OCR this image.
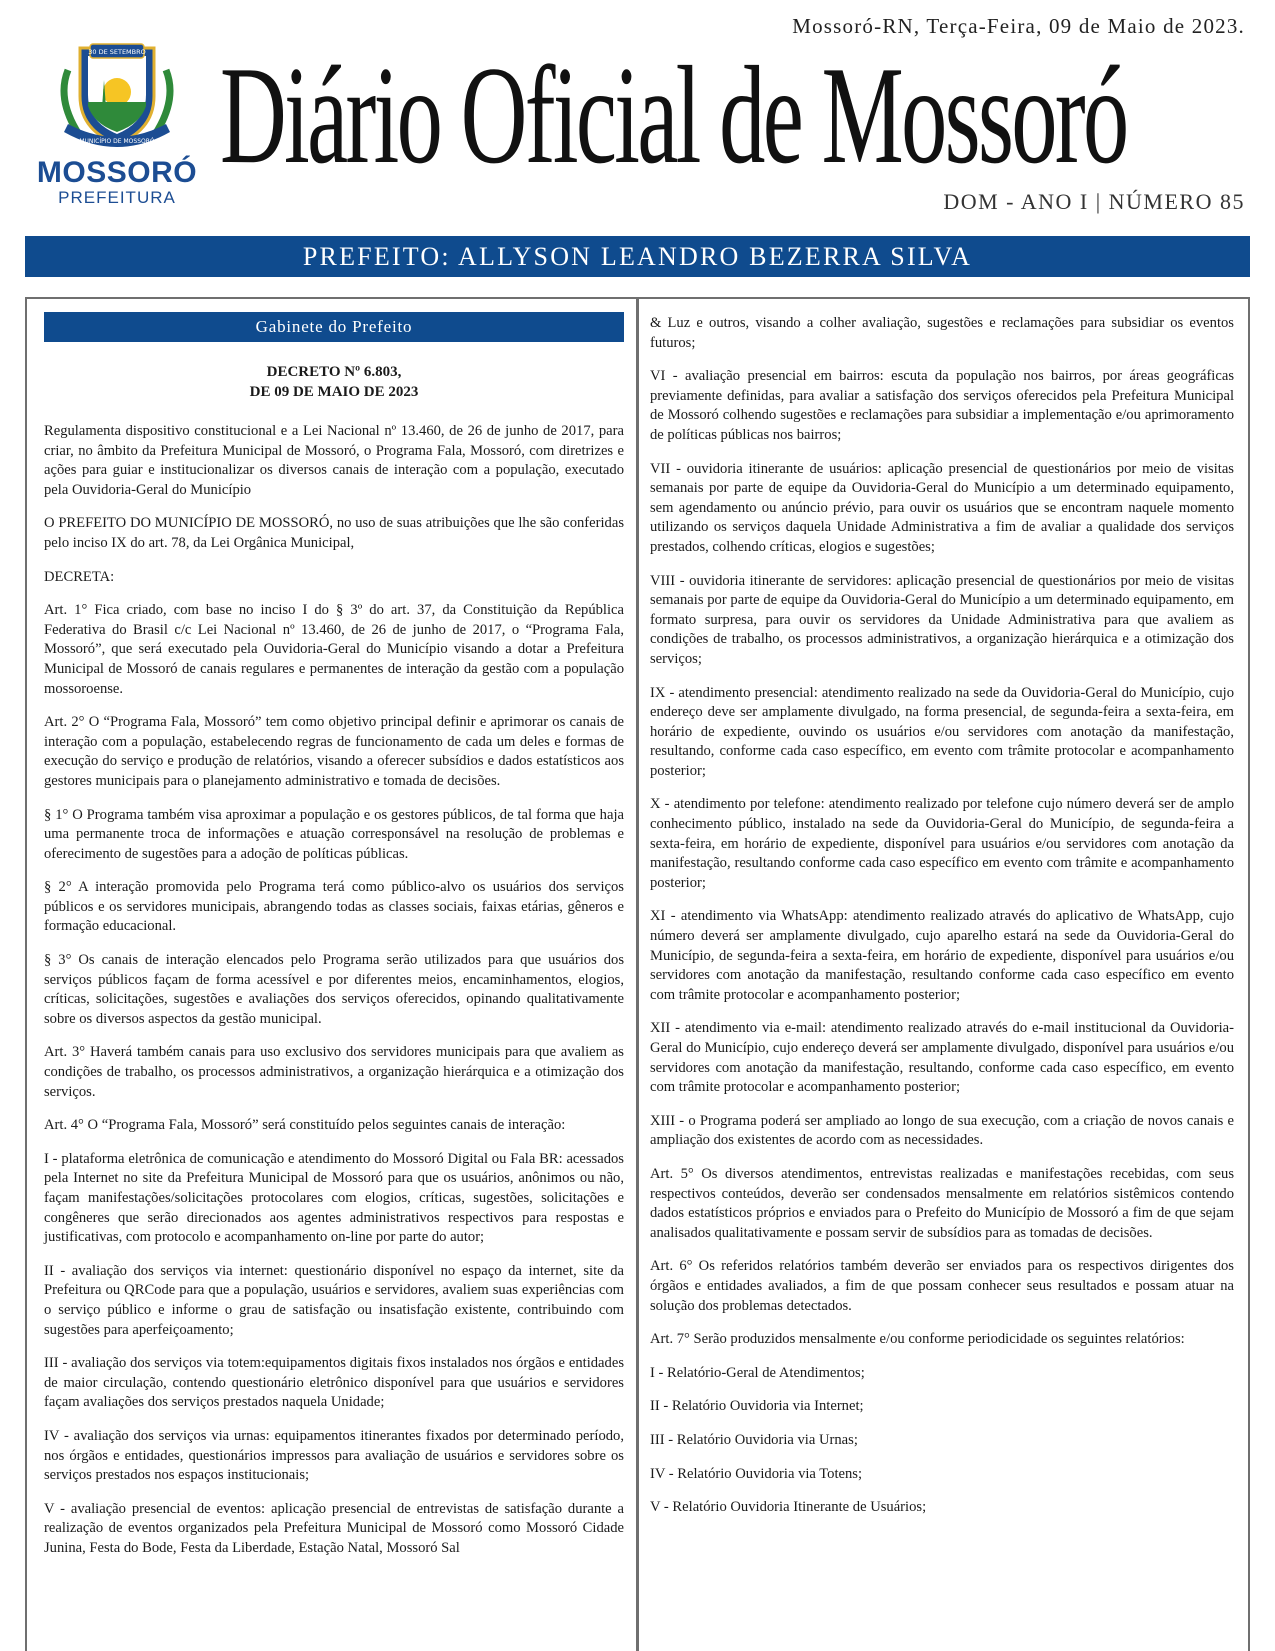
Mossoró-RN, Terça-Feira, 09 de Maio de 2023.
30 DE SETEMBRO
MUNICÍPIO DE MOSSORÓ
MOSSORÓ
PREFEITURA
Diário Oficial de Mossoró
DOM - ANO I | NÚMERO 85
PREFEITO: ALLYSON LEANDRO BEZERRA SILVA
Gabinete do Prefeito
DECRETO Nº 6.803,
DE 09 DE MAIO DE 2023

Regulamenta dispositivo constitucional e a Lei Nacional nº 13.460, de 26 de junho de 2017, para criar, no âmbito da Prefeitura Municipal de Mossoró, o Programa Fala, Mossoró, com diretrizes e ações para guiar e institucionalizar os diversos canais de interação com a população, executado pela Ouvidoria-Geral do Município

O PREFEITO DO MUNICÍPIO DE MOSSORÓ, no uso de suas atribuições que lhe são conferidas pelo inciso IX do art. 78, da Lei Orgânica Municipal,

DECRETA:

Art. 1° Fica criado, com base no inciso I do § 3º do art. 37, da Constituição da República Federativa do Brasil c/c Lei Nacional nº 13.460, de 26 de junho de 2017, o “Programa Fala, Mossoró”, que será executado pela Ouvidoria-Geral do Município visando a dotar a Prefeitura Municipal de Mossoró de canais regulares e permanentes de interação da gestão com a população mossoroense.

Art. 2° O “Programa Fala, Mossoró” tem como objetivo principal definir e aprimorar os canais de interação com a população, estabelecendo regras de funcionamento de cada um deles e formas de execução do serviço e produção de relatórios, visando a oferecer subsídios e dados estatísticos aos gestores municipais para o planejamento administrativo e tomada de decisões.

§ 1° O Programa também visa aproximar a população e os gestores públicos, de tal forma que haja uma permanente troca de informações e atuação corresponsável na resolução de problemas e oferecimento de sugestões para a adoção de políticas públicas.

§ 2° A interação promovida pelo Programa terá como público-alvo os usuários dos serviços públicos e os servidores municipais, abrangendo todas as classes sociais, faixas etárias, gêneros e formação educacional.

§ 3° Os canais de interação elencados pelo Programa serão utilizados para que usuários dos serviços públicos façam de forma acessível e por diferentes meios, encaminhamentos, elogios, críticas, solicitações, sugestões e avaliações dos serviços oferecidos, opinando qualitativamente sobre os diversos aspectos da gestão municipal.

Art. 3° Haverá também canais para uso exclusivo dos servidores municipais para que avaliem as condições de trabalho, os processos administrativos, a organização hierárquica e a otimização dos serviços.

Art. 4° O “Programa Fala, Mossoró” será constituído pelos seguintes canais de interação:

I - plataforma eletrônica de comunicação e atendimento do Mossoró Digital ou Fala BR: acessados pela Internet no site da Prefeitura Municipal de Mossoró para que os usuários, anônimos ou não, façam manifestações/solicitações protocolares com elogios, críticas, sugestões, solicitações e congêneres que serão direcionados aos agentes administrativos respectivos para respostas e justificativas, com protocolo e acompanhamento on-line por parte do autor;

II - avaliação dos serviços via internet: questionário disponível no espaço da internet, site da Prefeitura ou QRCode para que a população, usuários e servidores, avaliem suas experiências com o serviço público e informe o grau de satisfação ou insatisfação existente, contribuindo com sugestões para aperfeiçoamento;

III - avaliação dos serviços via totem:equipamentos digitais fixos instalados nos órgãos e entidades de maior circulação, contendo questionário eletrônico disponível para que usuários e servidores façam avaliações dos serviços prestados naquela Unidade;

IV - avaliação dos serviços via urnas: equipamentos itinerantes fixados por determinado período, nos órgãos e entidades, questionários impressos para avaliação de usuários e servidores sobre os serviços prestados nos espaços institucionais;

V - avaliação presencial de eventos: aplicação presencial de entrevistas de satisfação durante a realização de eventos organizados pela Prefeitura Municipal de Mossoró como Mossoró Cidade Junina, Festa do Bode, Festa da Liberdade, Estação Natal, Mossoró Sal

& Luz e outros, visando a colher avaliação, sugestões e reclamações para subsidiar os eventos futuros;

VI - avaliação presencial em bairros: escuta da população nos bairros, por áreas geográficas previamente definidas, para avaliar a satisfação dos serviços oferecidos pela Prefeitura Municipal de Mossoró colhendo sugestões e reclamações para subsidiar a implementação e/ou aprimoramento de políticas públicas nos bairros;

VII - ouvidoria itinerante de usuários: aplicação presencial de questionários por meio de visitas semanais por parte de equipe da Ouvidoria-Geral do Município a um determinado equipamento, sem agendamento ou anúncio prévio, para ouvir os usuários que se encontram naquele momento utilizando os serviços daquela Unidade Administrativa a fim de avaliar a qualidade dos serviços prestados, colhendo críticas, elogios e sugestões;

VIII - ouvidoria itinerante de servidores: aplicação presencial de questionários por meio de visitas semanais por parte de equipe da Ouvidoria-Geral do Município a um determinado equipamento, em formato surpresa, para ouvir os servidores da Unidade Administrativa para que avaliem as condições de trabalho, os processos administrativos, a organização hierárquica e a otimização dos serviços;

IX - atendimento presencial: atendimento realizado na sede da Ouvidoria-Geral do Município, cujo endereço deve ser amplamente divulgado, na forma presencial, de segunda-feira a sexta-feira, em horário de expediente, ouvindo os usuários e/ou servidores com anotação da manifestação, resultando, conforme cada caso específico, em evento com trâmite protocolar e acompanhamento posterior;

X - atendimento por telefone: atendimento realizado por telefone cujo número deverá ser de amplo conhecimento público, instalado na sede da Ouvidoria-Geral do Município, de segunda-feira a sexta-feira, em horário de expediente, disponível para usuários e/ou servidores com anotação da manifestação, resultando conforme cada caso específico em evento com trâmite e acompanhamento posterior;

XI - atendimento via WhatsApp: atendimento realizado através do aplicativo de WhatsApp, cujo número deverá ser amplamente divulgado, cujo aparelho estará na sede da Ouvidoria-Geral do Município, de segunda-feira a sexta-feira, em horário de expediente, disponível para usuários e/ou servidores com anotação da manifestação, resultando conforme cada caso específico em evento com trâmite protocolar e acompanhamento posterior;

XII - atendimento via e-mail: atendimento realizado através do e-mail institucional da Ouvidoria-Geral do Município, cujo endereço deverá ser amplamente divulgado, disponível para usuários e/ou servidores com anotação da manifestação, resultando, conforme cada caso específico, em evento com trâmite protocolar e acompanhamento posterior;

XIII - o Programa poderá ser ampliado ao longo de sua execução, com a criação de novos canais e ampliação dos existentes de acordo com as necessidades.

Art. 5° Os diversos atendimentos, entrevistas realizadas e manifestações recebidas, com seus respectivos conteúdos, deverão ser condensados mensalmente em relatórios sistêmicos contendo dados estatísticos próprios e enviados para o Prefeito do Município de Mossoró a fim de que sejam analisados qualitativamente e possam servir de subsídios para as tomadas de decisões.

Art. 6° Os referidos relatórios também deverão ser enviados para os respectivos dirigentes dos órgãos e entidades avaliados, a fim de que possam conhecer seus resultados e possam atuar na solução dos problemas detectados.

Art. 7° Serão produzidos mensalmente e/ou conforme periodicidade os seguintes relatórios:

I - Relatório-Geral de Atendimentos;

II - Relatório Ouvidoria via Internet;

III - Relatório Ouvidoria via Urnas;

IV - Relatório Ouvidoria via Totens;

V - Relatório Ouvidoria Itinerante de Usuários;
